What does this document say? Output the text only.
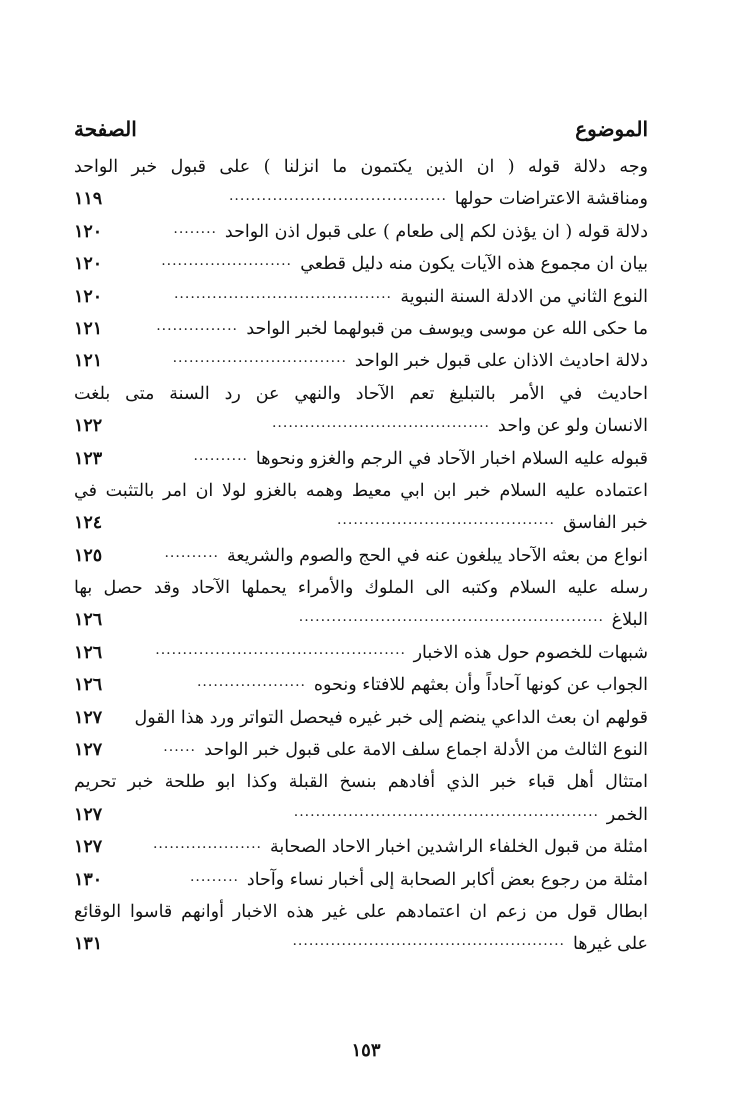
الموضوع
الصفحة
وجه دلالة قوله ( ان الذين يكتمون ما انزلنا ) على قبول خبر الواحد
ومناقشة الاعتراضات حولها
........................................
١١٩
دلالة قوله ( ان يؤذن لكم إلى طعام ) على قبول اذن الواحد
........
١٢٠
بيان ان مجموع هذه الآيات يكون منه دليل قطعي
........................
١٢٠
النوع الثاني من الادلة السنة النبوية
........................................
١٢٠
ما حكى الله عن موسى ويوسف من قبولهما لخبر الواحد
...............
١٢١
دلالة احاديث الاذان على قبول خبر الواحد
................................
١٢١
احاديث في الأمر بالتبليغ تعم الآحاد والنهي عن رد السنة متى بلغت
الانسان ولو عن واحد
........................................
١٢٢
قبوله عليه السلام اخبار الآحاد في الرجم والغزو ونحوها
..........
١٢٣
اعتماده عليه السلام خبر ابن ابي معيط وهمه بالغزو لولا ان امر بالتثبت في
خبر الفاسق
........................................
١٢٤
انواع من بعثه الآحاد يبلغون عنه في الحج والصوم والشريعة
..........
١٢٥
رسله عليه السلام وكتبه الى الملوك والأمراء يحملها الآحاد وقد حصل بها
البلاغ
........................................................
١٢٦
شبهات للخصوم حول هذه الاخبار
..............................................
١٢٦
الجواب عن كونها آحاداً وأن بعثهم للافتاء ونحوه
....................
١٢٦
قولهم ان بعث الداعي ينضم إلى خبر غيره فيحصل التواتر ورد هذا القول
١٢٧
النوع الثالث من الأدلة اجماع سلف الامة على قبول خبر الواحد
......
١٢٧
امتثال أهل قباء خبر الذي أفادهم بنسخ القبلة وكذا ابو طلحة خبر تحريم
الخمر
........................................................
١٢٧
امثلة من قبول الخلفاء الراشدين اخبار الاحاد الصحابة
....................
١٢٧
امثلة من رجوع بعض أكابر الصحابة إلى أخبار نساء وآحاد
.........
١٣٠
ابطال قول من زعم ان اعتمادهم على غير هذه الاخبار أوانهم قاسوا الوقائع
على غيرها
..................................................
١٣١
١٥٣
